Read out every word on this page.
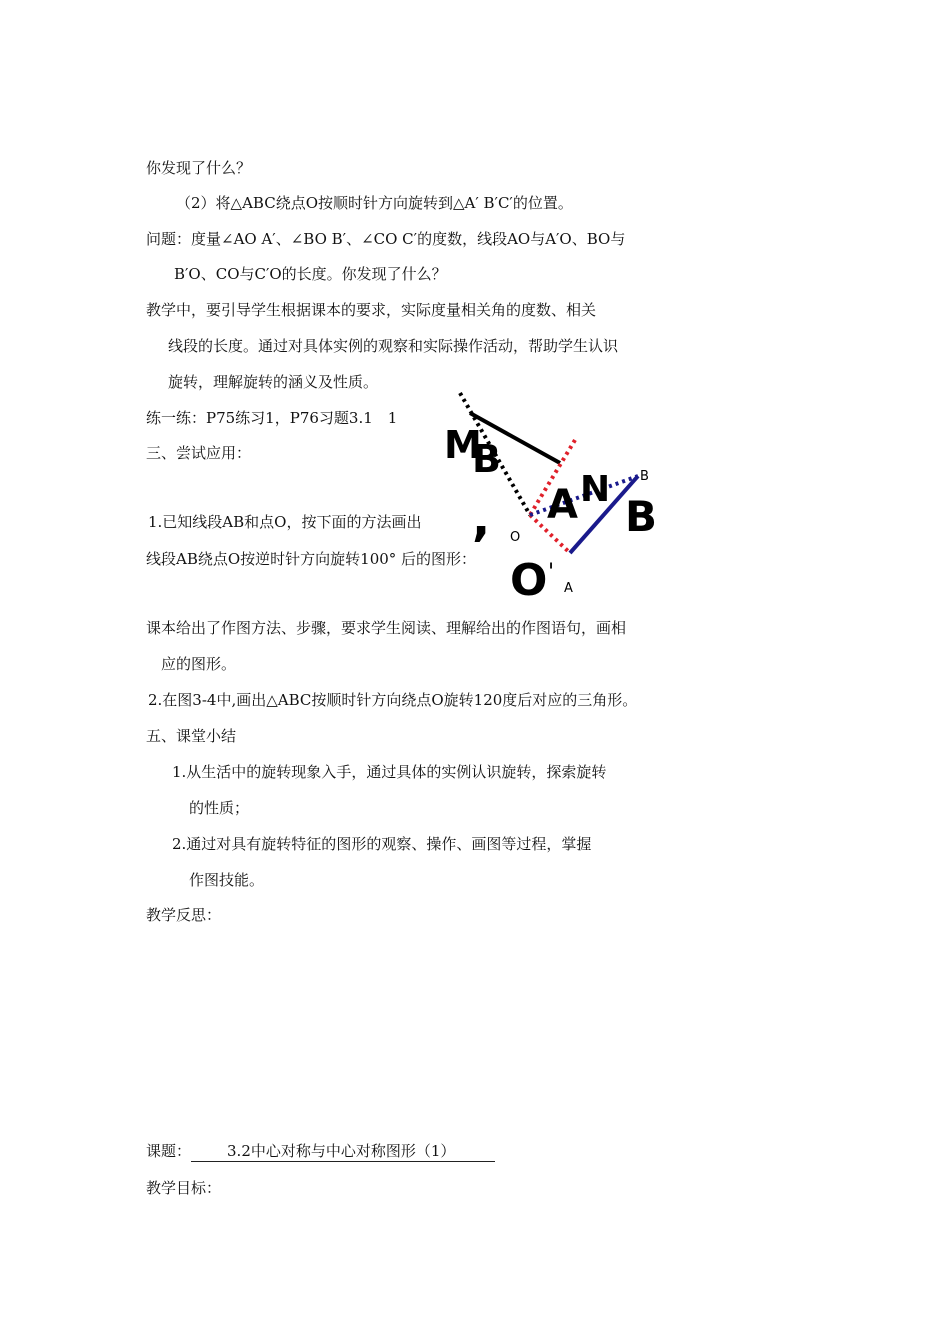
你发现了什么？
（2）将△ABC绕点O按顺时针方向旋转到△A′ B′C′的位置。
问题：度量∠AO A′、∠BO B′、∠CO C′的度数，线段AO与A′O、BO与
B′O、CO与C′O的长度。你发现了什么？
教学中，要引导学生根据课本的要求，实际度量相关角的度数、相关
线段的长度。通过对具体实例的观察和实际操作活动，帮助学生认识
旋转，理解旋转的涵义及性质。
练一练：P75练习1，P76习题3.1　1
三、尝试应用：
1.已知线段AB和点O，按下面的方法画出
线段AB绕点O按逆时针方向旋转100° 后的图形：
课本给出了作图方法、步骤，要求学生阅读、理解给出的作图语句，画相
应的图形。
2.在图3-4中,画出△ABC按顺时针方向绕点O旋转120度后对应的三角形。
五、课堂小结
1.从生活中的旋转现象入手，通过具体的实例认识旋转，探索旋转
的性质；
2.通过对具有旋转特征的图形的观察、操作、画图等过程，掌握
作图技能。
教学反思：
课题： 3.2中心对称与中心对称图形（1）
教学目标：
M
B
A N
B
,
O '
B
O
A
